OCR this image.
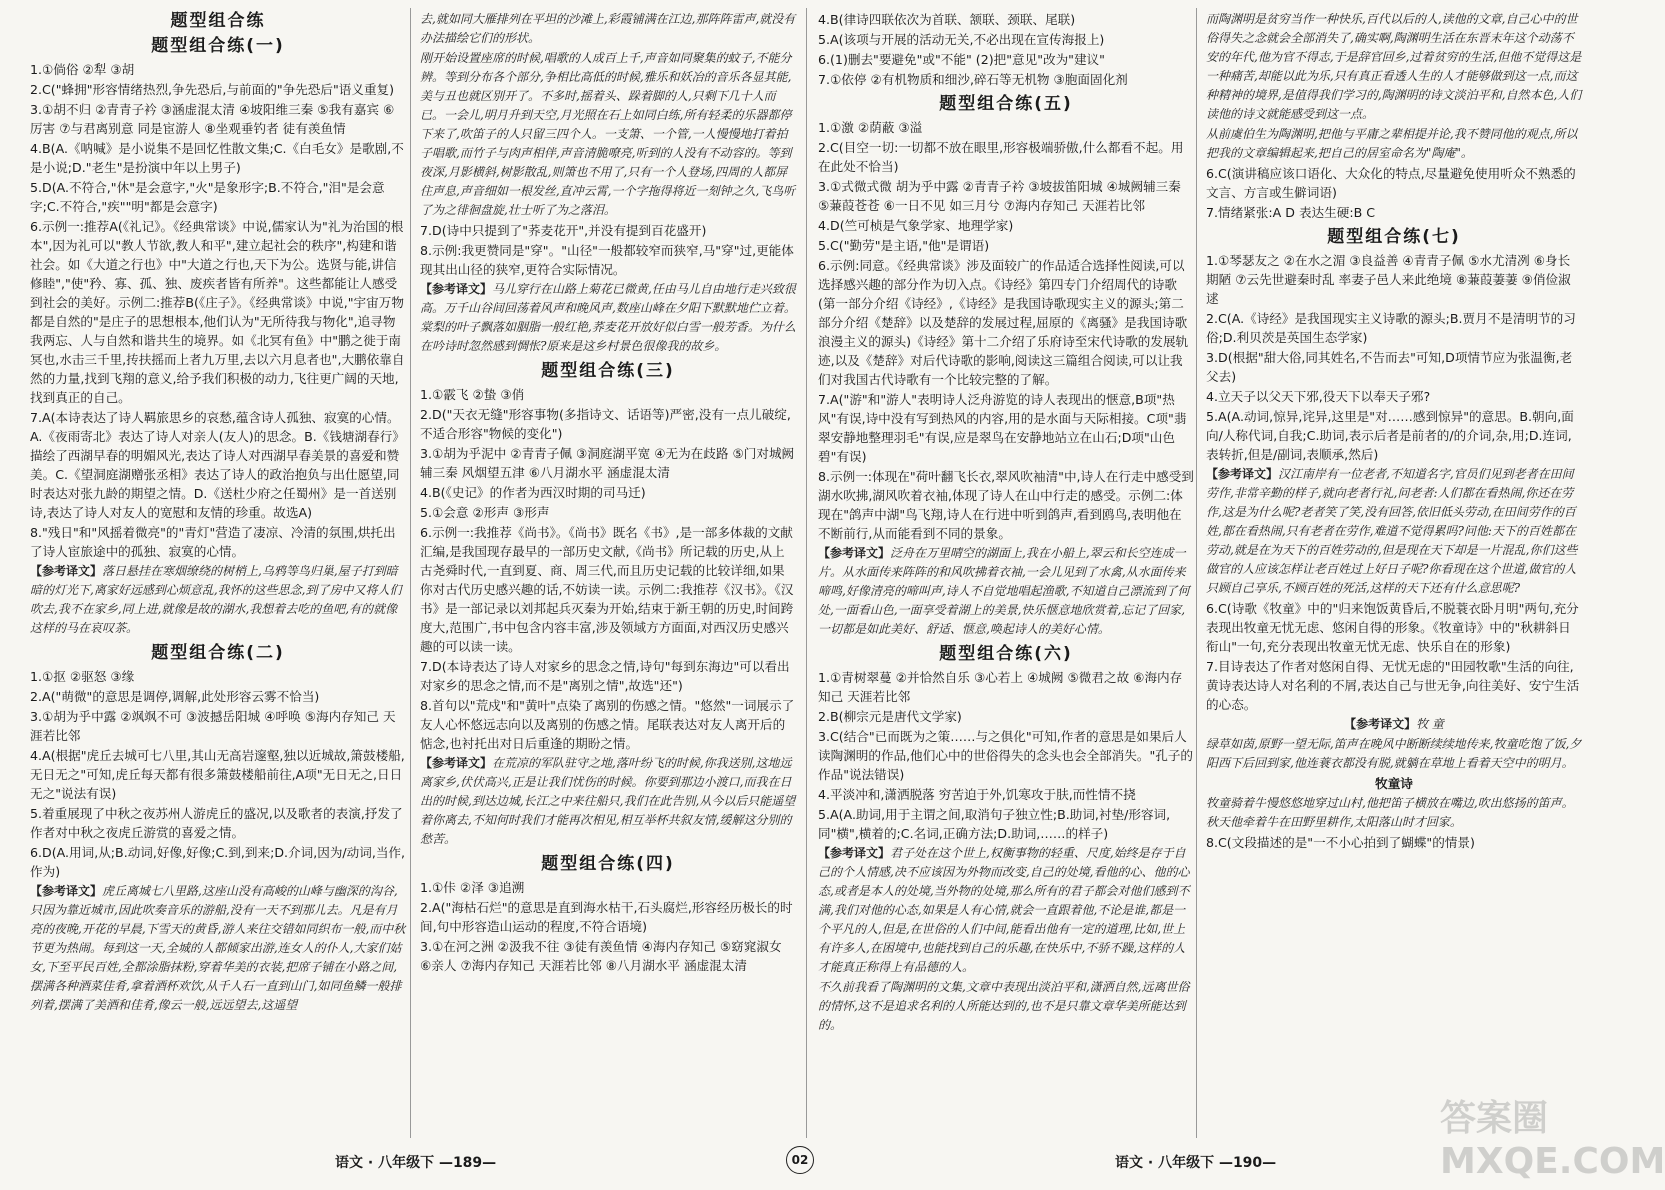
题型组合练
题型组合练(一)

1.①倘俗 ②犁 ③胡

2.C("蜂拥"形容情绪热烈,争先恐后,与前面的"争先恐后"语义重复)

3.①胡不归 ②青青子衿 ③涵虚混太清 ④坡阳维三秦 ⑤我有嘉宾 ⑥厉害 ⑦与君离别意 同是宦游人 ⑧坐观垂钓者 徒有羡鱼情

4.B(A.《呐喊》是小说集不是回忆性散文集;C.《白毛女》是歌剧,不是小说;D."老生"是扮演中年以上男子)

5.D(A.不符合,"休"是会意字,"火"是象形字;B.不符合,"泪"是会意字;C.不符合,"疾""明"都是会意字)

6.示例一:推荐A(《礼记》。《经典常谈》中说,儒家认为"礼为治国的根本",因为礼可以"教人节欲,教人和平",建立起社会的秩序",构建和谐社会。如《大道之行也》中"大道之行也,天下为公。选贤与能,讲信修睦","使"矜、寡、孤、独、废疾者皆有所养"。这些都能让人感受到社会的美好。示例二:推荐B(《庄子》。《经典常谈》中说,"宇宙万物都是自然的"是庄子的思想根本,他们认为"无所待我与物化",追寻物我两忘、人与自然和谐共生的境界。如《北冥有鱼》中"鹏之徙于南冥也,水击三千里,抟扶摇而上者九万里,去以六月息者也",大鹏依靠自然的力量,找到飞翔的意义,给予我们积极的动力,飞往更广阔的天地,找到真正的自己。

7.A(本诗表达了诗人羁旅思乡的哀愁,蕴含诗人孤独、寂寞的心情。A.《夜雨寄北》表达了诗人对亲人(友人)的思念。B.《钱塘湖春行》描绘了西湖早春的明媚风光,表达了诗人对西湖早春美景的喜爱和赞美。C.《望洞庭湖赠张丞相》表达了诗人的政治抱负与出仕愿望,同时表达对张九龄的期望之情。D.《送杜少府之任蜀州》是一首送别诗,表达了诗人对友人的宽慰和友情的珍重。故选A)

8."残日"和"风摇着微亮"的"青灯"营造了凄凉、冷清的氛围,烘托出了诗人宦旅途中的孤独、寂寞的心情。

【参考译文】落日悬挂在寒烟缭绕的树梢上,乌鸦等鸟归巢,屋子打到暗暗的灯光下,离家好远感到心烦意乱,我怀的这些思念,到了房中又将人们吹去,我不在家乡,同上进,就像是故的湖水,我想着去吃的鱼吧,有的就像这样的马在哀叹茶。

题型组合练(二)

1.①抠 ②驱怒 ③缘

2.A("萌微"的意思是调停,调解,此处形容云雾不恰当)

3.①胡为乎中露 ②飒飒不可 ③波撼岳阳城 ④呼唤 ⑤海内存知己 天涯若比邻

4.A(根据"虎丘去城可七八里,其山无高岩邃壑,独以近城故,箫鼓楼船,无日无之"可知,虎丘每天都有很多箫鼓楼船前往,A项"无日无之,日日无之"说法有误)

5.着重展现了中秋之夜苏州人游虎丘的盛况,以及歌者的表演,抒发了作者对中秋之夜虎丘游赏的喜爱之情。

6.D(A.用词,从;B.动词,好像,好像;C.到,到来;D.介词,因为/动词,当作,作为)

【参考译文】虎丘离城七八里路,这座山没有高峻的山峰与幽深的沟谷,只因为靠近城市,因此吹奏音乐的游船,没有一天不到那儿去。凡是有月亮的夜晚,开花的早晨,下雪天的黄昏,游人来往交错如同织布一般,而中秋节更为热闹。每到这一天,全城的人都倾家出游,连女人的仆人,大家们姑女,下至平民百姓,全都涂脂抹粉,穿着华美的衣装,把席子铺在小路之间,摆满各种酒菜佳肴,拿着酒杯欢饮,从千人石一直到山门,如同鱼鳞一般排列着,摆满了美酒和佳肴,像云一般,远远望去,这遥望

去,就如同大雁排列在平坦的沙滩上,彩霞铺满在江边,那阵阵雷声,就没有办法描绘它们的形状。

刚开始设置座席的时候,唱歌的人成百上千,声音如同聚集的蚊子,不能分辨。等到分布各个部分,争相比高低的时候,雅乐和妖冶的音乐各显其能,美与丑也就区别开了。不多时,摇着头、跺着脚的人,只剩下几十人而已。一会儿,明月升到天空,月光照在石上如同白练,所有轻柔的乐器都停下来了,吹笛子的人只留三四个人。一支箫、一个管,一人慢慢地打着拍子唱歌,而竹子与肉声相伴,声音清脆嘹亮,听到的人没有不动容的。等到夜深,月影横斜,树影散乱,则箫也不用了,只有一个人登场,四周的人都屏住声息,声音细如一根发丝,直冲云霄,一个字拖得将近一刻钟之久,飞鸟听了为之徘徊盘旋,壮士听了为之落泪。

7.D(诗中只提到了"荞麦花开",并没有提到百花盛开)

8.示例:我更赞同是"穿"。"山径"一般都较窄而狭窄,马"穿"过,更能体现其出山径的狭窄,更符合实际情况。

【参考译文】马儿穿行在山路上菊花已微黄,任由马儿自由地行走兴致很高。万千山谷间回荡着风声和晚风声,数座山峰在夕阳下默默地伫立着。棠梨的叶子飘落如胭脂一般红艳,荞麦花开放好似白雪一般芳香。为什么在吟诗时忽然感到惆怅?原来是这乡村景色很像我的故乡。

题型组合练(三)

1.①霰飞 ②蛰 ③俏

2.D("天衣无缝"形容事物(多指诗文、话语等)严密,没有一点儿破绽,不适合形容"物候的变化")

3.①胡为乎泥中 ②青青子佩 ③洞庭湖平宽 ④无为在歧路 ⑤门对城阙辅三秦 风烟望五津 ⑥八月湖水平 涵虚混太清

4.B(《史记》的作者为西汉时期的司马迁)

5.①会意 ②形声 ③形声

6.示例一:我推荐《尚书》。《尚书》既名《书》,是一部多体裁的文献汇编,是我国现存最早的一部历史文献,《尚书》所记载的历史,从上古尧舜时代,一直到夏、商、周三代,而且历史记载的比较详细,如果你对古代历史感兴趣的话,不妨读一读。示例二:我推荐《汉书》。《汉书》是一部记录以刘邦起兵灭秦为开始,结束于新王朝的历史,时间跨度大,范围广,书中包含内容丰富,涉及领域方方面面,对西汉历史感兴趣的可以读一读。

7.D(本诗表达了诗人对家乡的思念之情,诗句"每到东海边"可以看出对家乡的思念之情,而不是"离别之情",故选"还")

8.首句以"荒戍"和"黄叶"点染了离别的伤感之情。"悠然"一词展示了友人心怀悠远志向以及离别的伤感之情。尾联表达对友人离开后的惦念,也衬托出对日后重逢的期盼之情。

【参考译文】在荒凉的军队驻守之地,落叶纷飞的时候,你我送别,这地远离家乡,伏伏高兴,正是让我们忧伤的时候。你要到那边小渡口,而我在日出的时候,到达边城,长江之中来往船只,我们在此告别,从今以后只能遥望着你离去,不知何时我们才能再次相见,相互举杯共叙友情,缓解这分别的愁苦。

题型组合练(四)

1.①佧 ②泽 ③追溯

2.A("海枯石烂"的意思是直到海水枯干,石头腐烂,形容经历极长的时间,句中形容造山运动的程度,不符合语境)

3.①在河之洲 ②汲我不往 ③徒有羡鱼情 ④海内存知己 ⑤窈窕淑女 ⑥亲人 ⑦海内存知己 天涯若比邻 ⑧八月湖水平 涵虚混太清

4.B(律诗四联依次为首联、颔联、颈联、尾联)

5.A(该项与开展的活动无关,不必出现在宣传海报上)

6.(1)删去"要避免"或"不能" (2)把"意见"改为"建议"

7.①依停 ②有机物质和细沙,碎石等无机物 ③胞面固化剂

题型组合练(五)

1.①激 ②荫蔽 ③溢

2.C(目空一切:一切都不放在眼里,形容极端骄傲,什么都看不起。用在此处不恰当)

3.①式微式微 胡为乎中露 ②青青子衿 ③坡拔笛阳城 ④城阙辅三秦 ⑤蒹葭苍苍 ⑥一日不见 如三月兮 ⑦海内存知己 天涯若比邻

4.D(竺可桢是气象学家、地理学家)

5.C("勤劳"是主语,"他"是谓语)

6.示例:同意。《经典常谈》涉及面较广的作品适合选择性阅读,可以选择感兴趣的部分作为切入点。《诗经》第四专门介绍周代的诗歌(第一部分介绍《诗经》,《诗经》是我国诗歌现实主义的源头;第二部分介绍《楚辞》以及楚辞的发展过程,屈原的《离骚》是我国诗歌浪漫主义的源头)《诗经》第十二介绍了乐府诗至宋代诗歌的发展轨迹,以及《楚辞》对后代诗歌的影响,阅读这三篇组合阅读,可以让我们对我国古代诗歌有一个比较完整的了解。

7.A("游"和"游人"表明诗人泛舟游览的诗人表现出的惬意,B项"热风"有误,诗中没有写到热风的内容,用的是水面与天际相接。C项"翡翠安静地整理羽毛"有误,应是翠鸟在安静地站立在山石;D项"山色碧"有误)

8.示例一:体现在"荷叶翻飞长衣,翠风吹袖清"中,诗人在行走中感受到湖水吹拂,湖风吹着衣袖,体现了诗人在山中行走的感受。示例二:体现在"鸽声中湖"鸟飞翔,诗人在行进中听到鸽声,看到鸥鸟,表明他在不断前行,从而能看到不同的景象。

【参考译文】泛舟在万里晴空的湖面上,我在小船上,翠云和长空连成一片。从水面传来阵阵的和风吹拂着衣袖,一会儿见到了水禽,从水面传来啼鸣,好像清亮的啼叫声,诗人不自觉地唱起渔歌,不知道自己漂流到了何处,一面看山色,一面享受着湖上的美景,快乐惬意地欣赏着,忘记了回家,一切都是如此美好、舒适、惬意,唤起诗人的美好心情。

题型组合练(六)

1.①青树翠蔓 ②并恰然自乐 ③心若上 ④城阙 ⑤微君之故 ⑥海内存知己 天涯若比邻

2.B(柳宗元是唐代文学家)

3.C(结合"已而既为之策……与之俱化"可知,作者的意思是如果后人读陶渊明的作品,他们心中的世俗得失的念头也会全部消失。"孔子的作品"说法错误)

4.平淡冲和,潇洒脱落 穷苦迫于外,饥寒攻于肤,而性情不挠

5.A(A.助词,用于主谓之间,取消句子独立性;B.助词,衬垫/形容词,同"横",横着的;C.名词,正确方法;D.助词,……的样子)

【参考译文】君子处在这个世上,权衡事物的轻重、尺度,始终是存于自己的个人情感,决不应该因为外物而改变,自己的处境,看他的心、他的心态,或者是本人的处境,当外物的处境,那么所有的君子都会对他们感到不满,我们对他的心态,如果是人有心情,就会一直跟着他,不论是谁,都是一个平凡的人,但是,在世俗的人们中间,能看出他有一定的道理,比如,世上有许多人,在困境中,也能找到自己的乐趣,在快乐中,不骄不躁,这样的人才能真正称得上有品德的人。

不久前我看了陶渊明的文集,文章中表现出淡泊平和,潇洒自然,远离世俗的情怀,这不是追求名利的人所能达到的,也不是只靠文章华美所能达到的。

而陶渊明是贫穷当作一种快乐,百代以后的人,读他的文章,自己心中的世俗得失之念就会全部消失了,确实啊,陶渊明生活在东晋末年这个动荡不安的年代,他为官不得志,于是辞官回乡,过着贫穷的生活,但他不觉得这是一种痛苦,却能以此为乐,只有真正看透人生的人才能够做到这一点,而这种精神的境界,是值得我们学习的,陶渊明的诗文淡泊平和,自然本色,人们读他的诗文就能感受到这一点。

从前虞伯生为陶渊明,把他与平庸之辈相提并论,我不赞同他的观点,所以把我的文章编辑起来,把自己的居室命名为"陶庵"。

6.C(演讲稿应该口语化、大众化的特点,尽量避免使用听众不熟悉的文言、方言或生僻词语)

7.情绪紧张:A D 表达生硬:B C

题型组合练(七)

1.①琴瑟友之 ②在水之湄 ③良益善 ④青青子佩 ⑤水尤清冽 ⑥身长期陋 ⑦云先世避秦时乱 率妻子邑人来此绝境 ⑧蒹葭萋萋 ⑨俏俭淑逑

2.C(A.《诗经》是我国现实主义诗歌的源头;B.贾月不是清明节的习俗;D.利贝茨是英国生态学家)

3.D(根据"甜大俗,同其姓名,不告而去"可知,D项情节应为张温衡,老父去)

4.立天子以父天下邪,役天下以奉天子邪?

5.A(A.动词,惊异,诧异,这里是"对……感到惊异"的意思。B.朝向,面向/人称代词,自我;C.助词,表示后者是前者的/的介词,杂,用;D.连词,表转折,但是/副词,表顺承,然后)

【参考译文】汉江南岸有一位老者,不知道名字,官员们见到老者在田间劳作,非常辛勤的样子,就向老者行礼,问老者:人们都在看热闹,你还在劳作,这是为什么呢?老者笑了笑,没有回答,依旧低头劳动,在田间劳作的百姓,都在看热闹,只有老者在劳作,难道不觉得累吗?问他:天下的百姓都在劳动,就是在为天下的百姓劳动的,但是现在天下却是一片混乱,你们这些做官的人应该怎样让老百姓过上好日子呢?你看现在这个世道,做官的人只顾自己享乐,不顾百姓的死活,这样的天下还有什么意思呢?

6.C(诗歌《牧童》中的"归来饱饭黄昏后,不脱蓑衣卧月明"两句,充分表现出牧童无忧无虑、悠闲自得的形象。《牧童诗》中的"秋耕斜日衔山"一句,充分表现出牧童无忧无虑、快乐自在的形象)

7.目诗表达了作者对悠闲自得、无忧无虑的"田园牧歌"生活的向往,黄诗表达诗人对名利的不屑,表达自己与世无争,向往美好、安宁生活的心态。

【参考译文】牧 童

绿草如茵,原野一望无际,笛声在晚风中断断续续地传来,牧童吃饱了饭,夕阳西下后回到家,他连蓑衣都没有脱,就躺在草地上看着天空中的明月。

牧童诗

牧童骑着牛慢悠悠地穿过山村,他把笛子横放在嘴边,吹出悠扬的笛声。秋天他牵着牛在田野里耕作,太阳落山时才回家。

8.C(文段描述的是"一不小心拍到了蝴蝶"的情景)

语文 · 八年级下 —189—	02	语文 · 八年级下 —190—
答案圈 MXQE.COM
